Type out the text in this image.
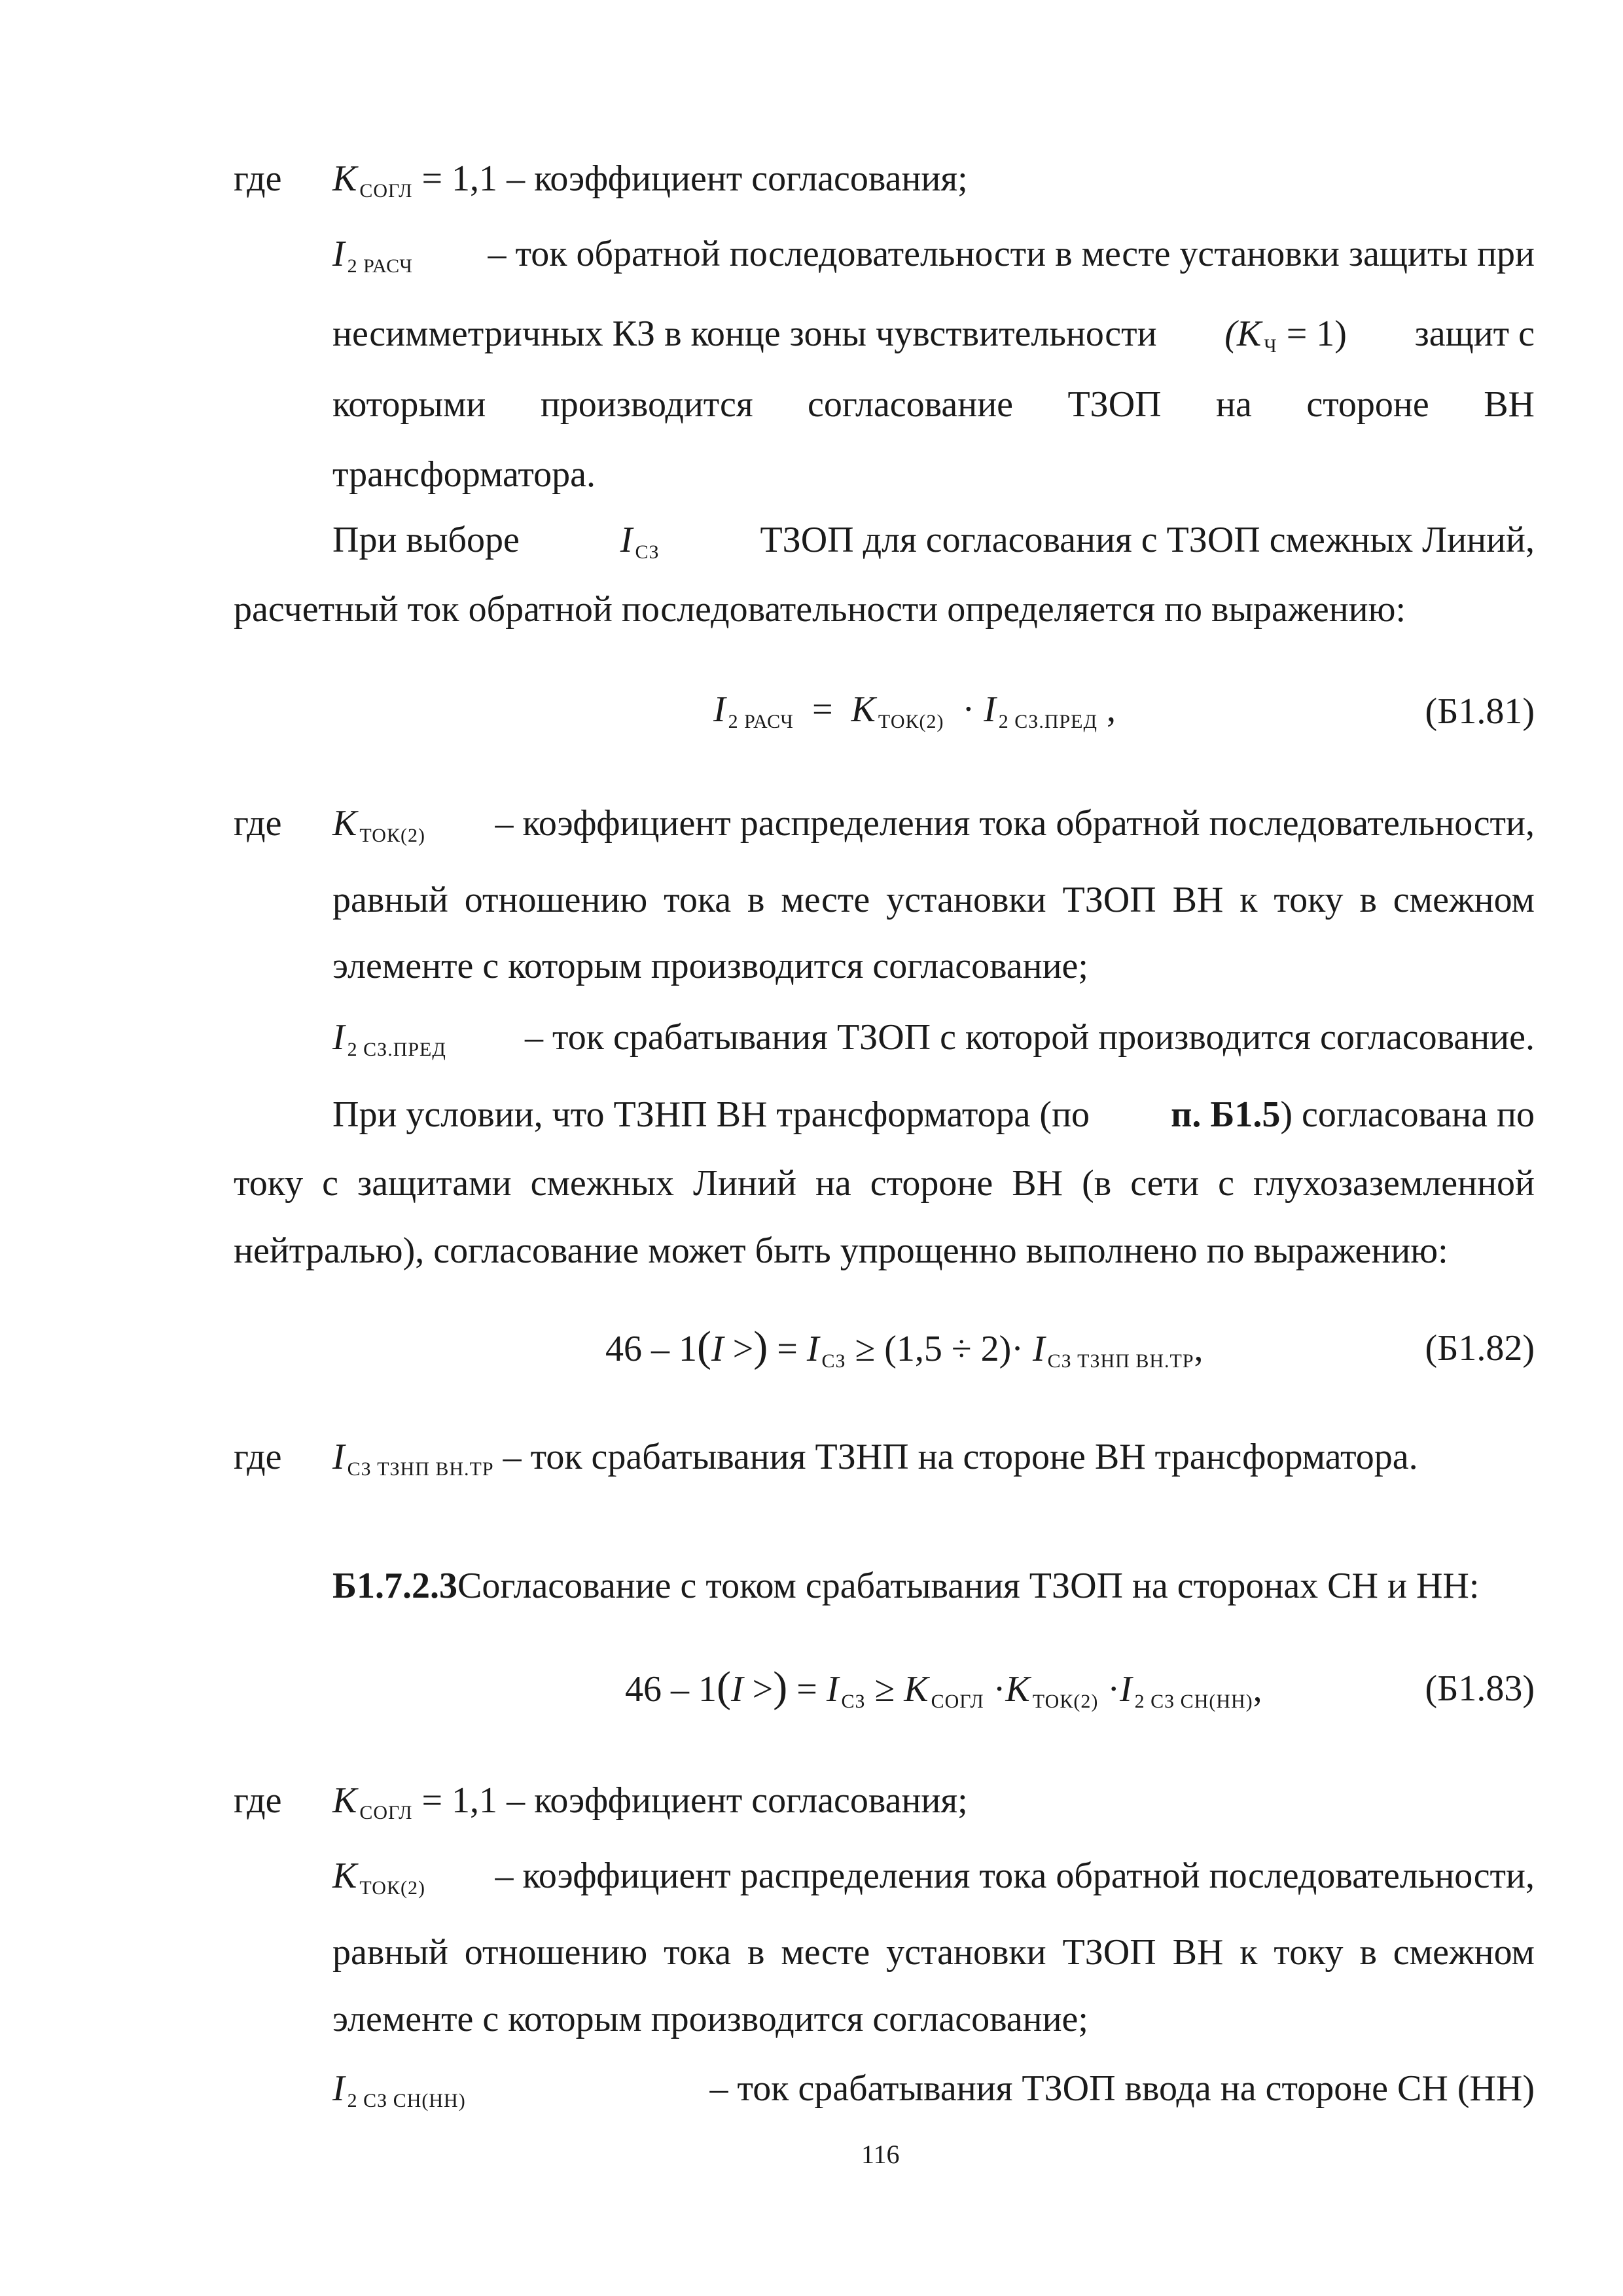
где K $_{СОГЛ}$ = 1,1 – коэффициент согласования;
I $_{2 РАСЧ}$ – ток обратной последовательности в месте установки защиты при
несимметричных КЗ в конце зоны чувствительности (K $_Ч$ = 1) защит с
которыми производится согласование ТЗОП на стороне ВН
трансформатора.
При выборе	I $_{СЗ}$	ТЗОП для согласования с ТЗОП смежных Линий,
расчетный ток обратной последовательности определяется по выражению:
I $_{2 РАСЧ}$ = K $_{ТОК(2)}$ · I $_{2 СЗ.ПРЕД}$ ,	(Б1.81)
где K $_{ТОК(2)}$ – коэффициент распределения тока обратной последовательности,
равный отношению тока в месте установки ТЗОП ВН к току в смежном
элементе с которым производится согласование;
I $_{2 СЗ.ПРЕД}$ – ток срабатывания ТЗОП с которой производится согласование.
При условии, что ТЗНП ВН трансформатора (по п. Б1.5) согласована по
току с защитами смежных Линий на стороне ВН (в сети с глухозаземленной
нейтралью), согласование может быть упрощенно выполнено по выражению:
46 – 1(I >) = I $_{СЗ}$ ≥ (1,5 ÷ 2)· I $_{СЗ ТЗНП ВН.ТР}$,	(Б1.82)
где I $_{СЗ ТЗНП ВН.ТР}$ – ток срабатывания ТЗНП на стороне ВН трансформатора.
Б1.7.2.3Согласование с током срабатывания ТЗОП на сторонах СН и НН:
46 – 1(I >) = I $_{СЗ}$ ≥ K $_{СОГЛ}$ ·K $_{ТОК(2)}$ ·I $_{2 СЗ СН(НН)}$,	(Б1.83)
где K $_{СОГЛ}$ = 1,1 – коэффициент согласования;
K $_{ТОК(2)}$ – коэффициент распределения тока обратной последовательности,
равный отношению тока в месте установки ТЗОП ВН к току в смежном
элементе с которым производится согласование;
I $_{2 СЗ СН(НН)}$	– ток срабатывания ТЗОП ввода на стороне СН (НН)
116
